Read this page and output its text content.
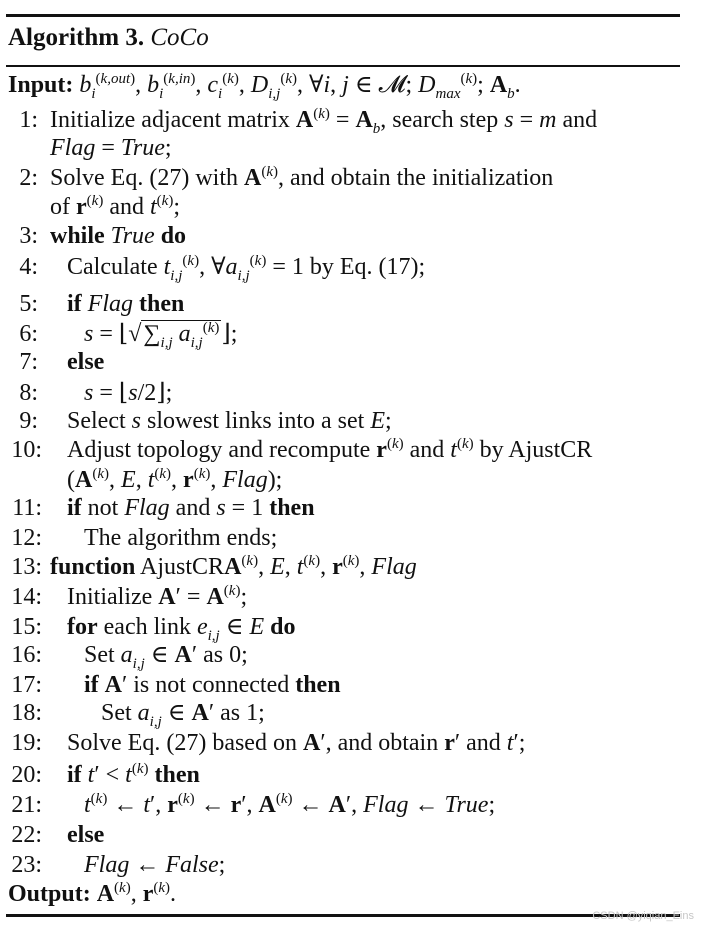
Algorithm 3. CoCo
Input: $b_i^{(k,out)}$, $b_i^{(k,in)}$, $c_i^{(k)}$, $D_{i,j}^{(k)}$, ∀i, j ∈ 𝓜; $D_{max}^{(k)}$; $A_b$.
1: Initialize adjacent matrix $A^{(k)} = A_b$, search step s = m and
Flag = True;
2: Solve Eq. (27) with $A^{(k)}$, and obtain the initialization
of $r^{(k)}$ and $t^{(k)}$;
3: while True do
4: Calculate $t_{i,j}^{(k)}$, $\forall a_{i,j}^{(k)} = 1$ by Eq. (17);
5: if Flag then
6: $s = ⌊√\sum_{i,j}$ $a_{i,j}^{(k)}⌋$;
7: else
8: s = ⌊s/2⌋;
9: Select s slowest links into a set E;
10: Adjust topology and recompute $r^{(k)}$ and $t^{(k)}$ by AjustCR
($A^{(k)}$, E, $t^{(k)}$, $r^{(k)}$, Flag);
11: if not Flag and s = 1 then
12: The algorithm ends;
13: function AjustCRA$^{(k)}$, E, $t^{(k)}$, $r^{(k)}$, Flag
14: Initialize $A' = A^{(k)}$;
15: for each link $e_{i,j}$ ∈ E do
16: Set $a_{i,j}$ ∈ A′ as 0;
17: if A′ is not connected then
18: Set $a_{i,j}$ ∈ A′ as 1;
19: Solve Eq. (27) based on A′, and obtain r′ and t′;
20: if $t' < t^{(k)}$ then
21: $t^{(k)}$ ← t′, $r^{(k)}$ ← r′, $A^{(k)}$ ← A′, Flag ← True;
22: else
23: Flag ← False;
Output: $A^{(k)}$, $r^{(k)}$.
CSDN @yiqian_Eins
